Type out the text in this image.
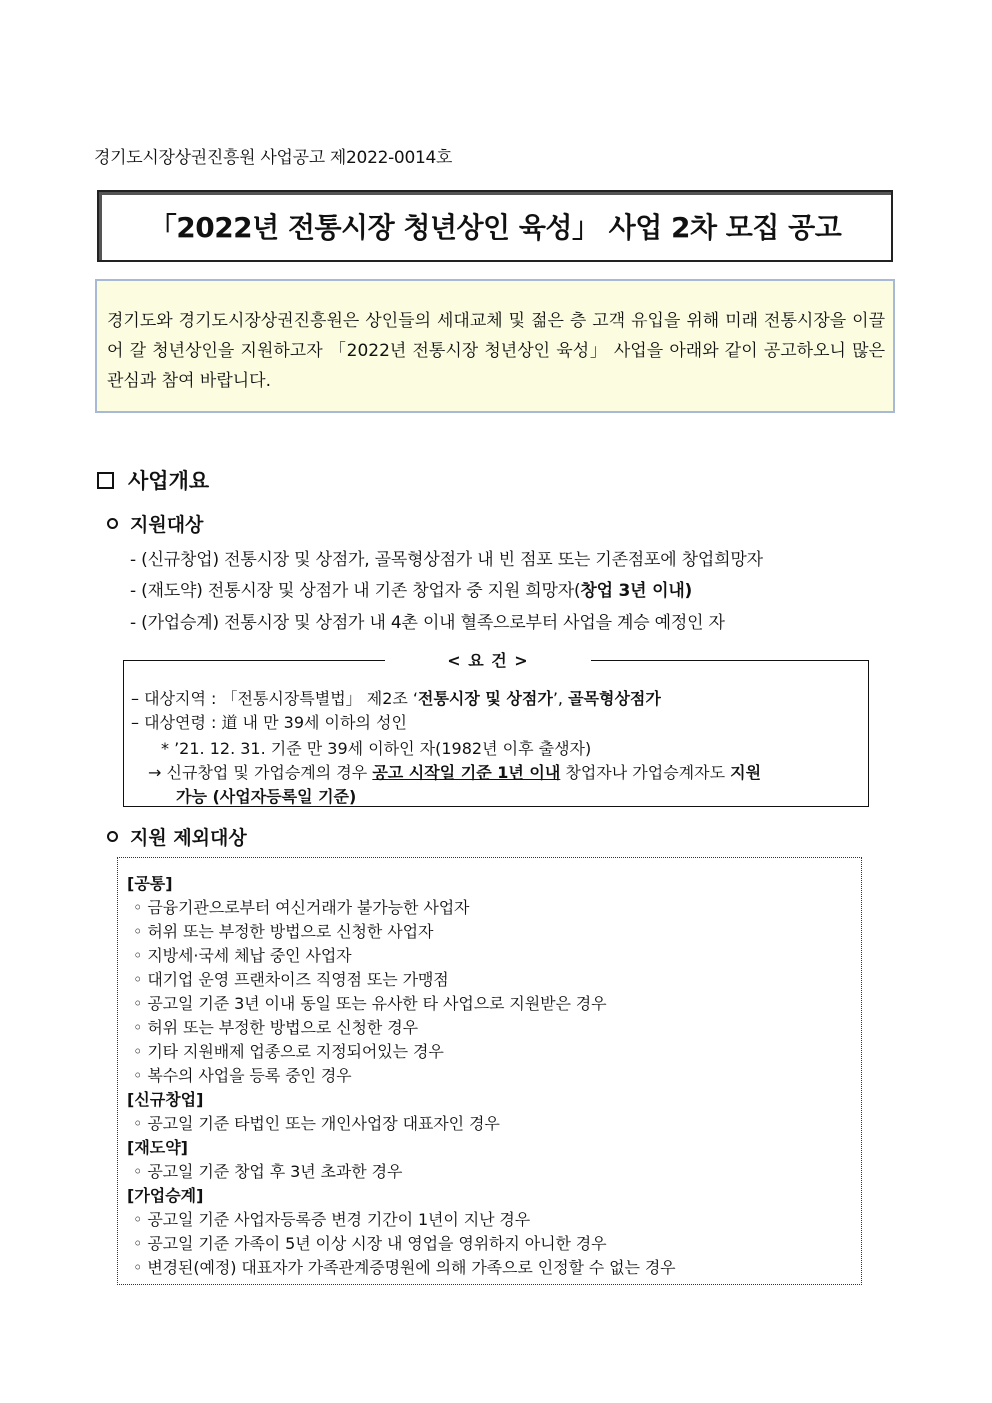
경기도시장상권진흥원 사업공고 제2022-0014호
「2022년 전통시장 청년상인 육성」 사업 2차 모집 공고
경기도와 경기도시장상권진흥원은 상인들의 세대교체 및 젊은 층 고객 유입을 위해 미래 전통시장을 이끌어 갈 청년상인을 지원하고자 「2022년 전통시장 청년상인 육성」 사업을 아래와 같이 공고하오니 많은 관심과 참여 바랍니다.
사업개요
지원대상
- (신규창업) 전통시장 및 상점가, 골목형상점가 내 빈 점포 또는 기존점포에 창업희망자
- (재도약) 전통시장 및 상점가 내 기존 창업자 중 지원 희망자(창업 3년 이내)
- (가업승계) 전통시장 및 상점가 내 4촌 이내 혈족으로부터 사업을 계승 예정인 자
< 요 건 >
– 대상지역 : 「전통시장특별법」 제2조 ‘전통시장 및 상점가’, 골목형상점가
– 대상연령 : 道 내 만 39세 이하의 성인
* ’21. 12. 31. 기준 만 39세 이하인 자(1982년 이후 출생자)
→ 신규창업 및 가업승계의 경우 공고 시작일 기준 1년 이내 창업자나 가업승계자도 지원
가능 (사업자등록일 기준)
지원 제외대상
[공통]
◦ 금융기관으로부터 여신거래가 불가능한 사업자
◦ 허위 또는 부정한 방법으로 신청한 사업자
◦ 지방세·국세 체납 중인 사업자
◦ 대기업 운영 프랜차이즈 직영점 또는 가맹점
◦ 공고일 기준 3년 이내 동일 또는 유사한 타 사업으로 지원받은 경우
◦ 허위 또는 부정한 방법으로 신청한 경우
◦ 기타 지원배제 업종으로 지정되어있는 경우
◦ 복수의 사업을 등록 중인 경우
[신규창업]
◦ 공고일 기준 타법인 또는 개인사업장 대표자인 경우
[재도약]
◦ 공고일 기준 창업 후 3년 초과한 경우
[가업승계]
◦ 공고일 기준 사업자등록증 변경 기간이 1년이 지난 경우
◦ 공고일 기준 가족이 5년 이상 시장 내 영업을 영위하지 아니한 경우
◦ 변경된(예정) 대표자가 가족관계증명원에 의해 가족으로 인정할 수 없는 경우
